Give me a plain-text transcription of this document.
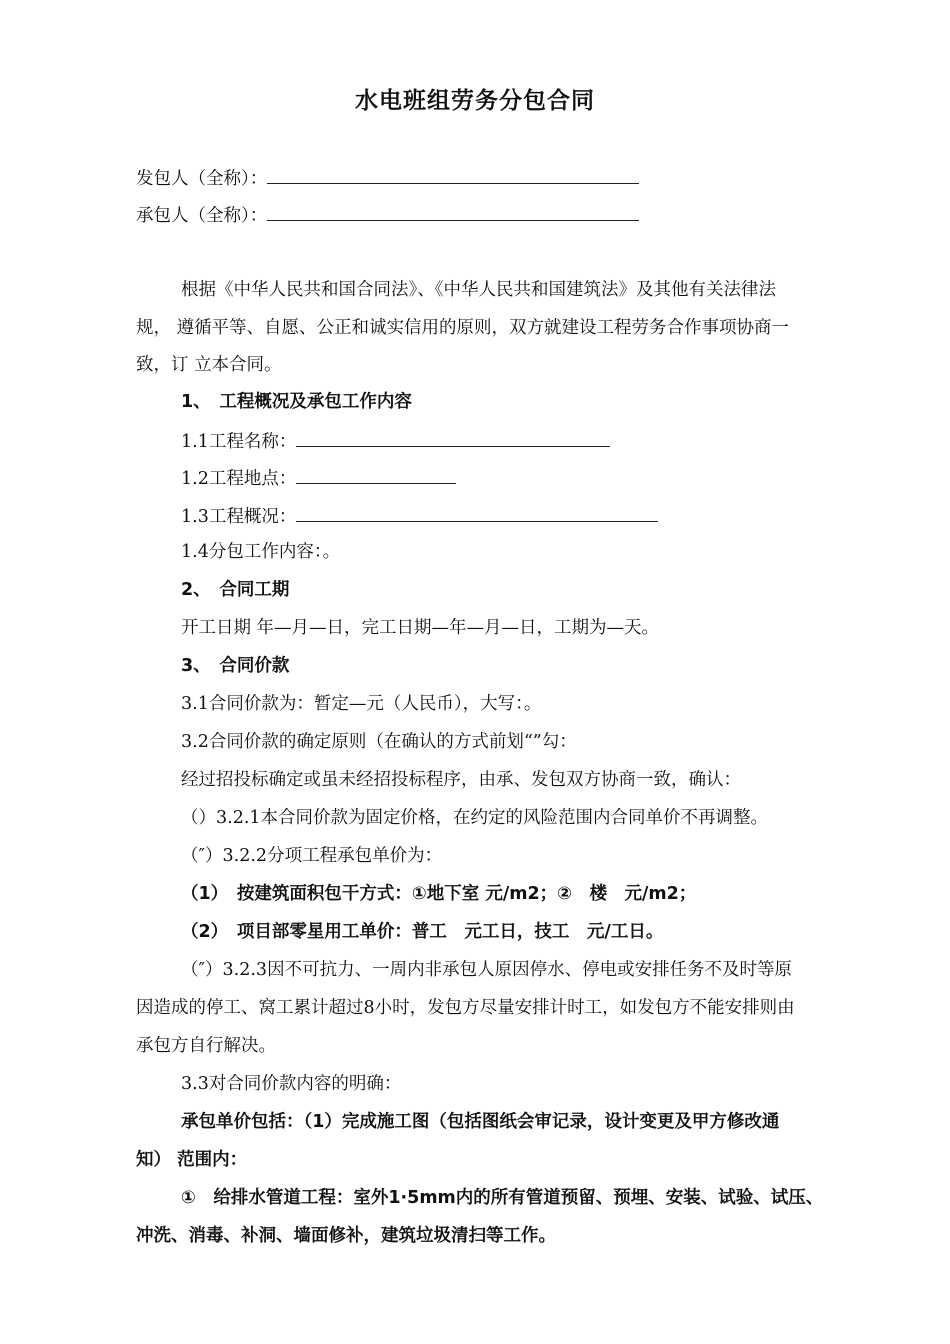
水电班组劳务分包合同
发包人（全称）：
承包人（全称）：
根据《中华人民共和国合同法》、《中华人民共和国建筑法》及其他有关法律法
规， 遵循平等、自愿、公正和诚实信用的原则，双方就建设工程劳务合作事项协商一
致，订 立本合同。
1、　工程概况及承包工作内容
1.1工程名称：
1.2工程地点：
1.3工程概况：
1.4分包工作内容：。
2、　合同工期
开工日期 年—月—日，完工日期—年—月—日，工期为—天。
3、　合同价款
3.1合同价款为：暂定—元（人民币），大写：。
3.2合同价款的确定原则（在确认的方式前划“”勾：
经过招投标确定或虽未经招投标程序，由承、发包双方协商一致，确认：
（）3.2.1本合同价款为固定价格，在约定的风险范围内合同单价不再调整。
（″）3.2.2分项工程承包单价为：
（1）　按建筑面积包干方式：①地下室 元/m2；②　楼　元/m2；
（2）　项目部零星用工单价：普工　元工日，技工　元/工日。
（″）3.2.3因不可抗力、一周内非承包人原因停水、停电或安排任务不及时等原
因造成的停工、窝工累计超过8小时，发包方尽量安排计时工，如发包方不能安排则由
承包方自行解决。
3.3对合同价款内容的明确：
承包单价包括：（1）完成施工图（包括图纸会审记录，设计变更及甲方修改通
知） 范围内：
①　给排水管道工程：室外1·5mm内的所有管道预留、预埋、安装、试验、试压、
冲洗、消毒、补洞、墙面修补，建筑垃圾清扫等工作。
